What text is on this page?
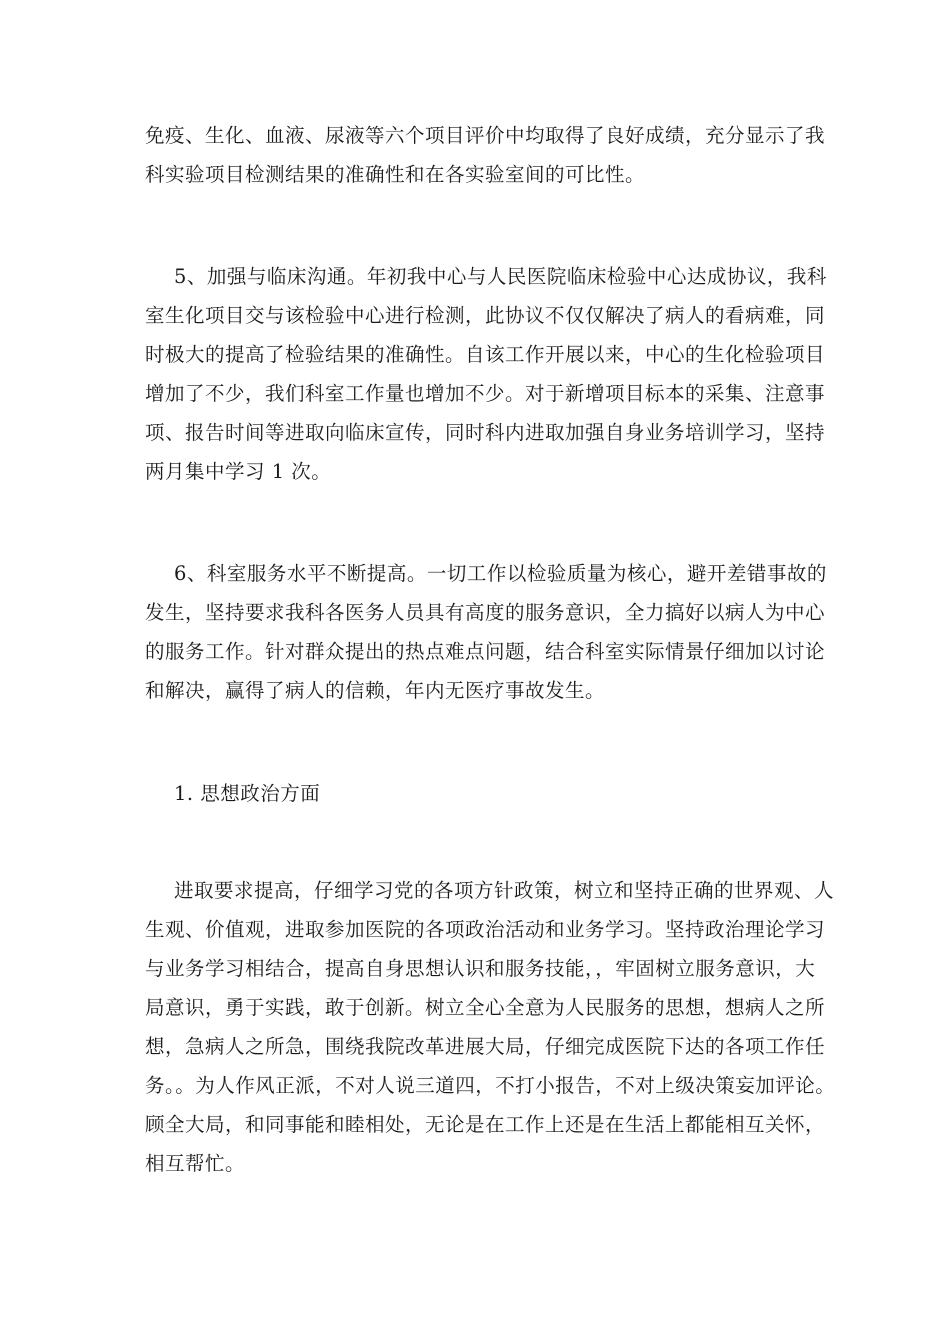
免疫、生化、血液、尿液等六个项目评价中均取得了良好成绩，充分显示了我
科实验项目检测结果的准确性和在各实验室间的可比性。
5、加强与临床沟通。年初我中心与人民医院临床检验中心达成协议，我科
室生化项目交与该检验中心进行检测，此协议不仅仅解决了病人的看病难，同
时极大的提高了检验结果的准确性。自该工作开展以来，中心的生化检验项目
增加了不少，我们科室工作量也增加不少。对于新增项目标本的采集、注意事
项、报告时间等进取向临床宣传，同时科内进取加强自身业务培训学习，坚持
两月集中学习 1 次。
6、科室服务水平不断提高。一切工作以检验质量为核心，避开差错事故的
发生，坚持要求我科各医务人员具有高度的服务意识，全力搞好以病人为中心
的服务工作。针对群众提出的热点难点问题，结合科室实际情景仔细加以讨论
和解决，赢得了病人的信赖，年内无医疗事故发生。
1. 思想政治方面
进取要求提高，仔细学习党的各项方针政策，树立和坚持正确的世界观、人
生观、价值观，进取参加医院的各项政治活动和业务学习。坚持政治理论学习
与业务学习相结合，提高自身思想认识和服务技能，，牢固树立服务意识，大
局意识，勇于实践，敢于创新。树立全心全意为人民服务的思想，想病人之所
想，急病人之所急，围绕我院改革进展大局，仔细完成医院下达的各项工作任
务。。为人作风正派，不对人说三道四，不打小报告，不对上级决策妄加评论。
顾全大局，和同事能和睦相处，无论是在工作上还是在生活上都能相互关怀，
相互帮忙。
